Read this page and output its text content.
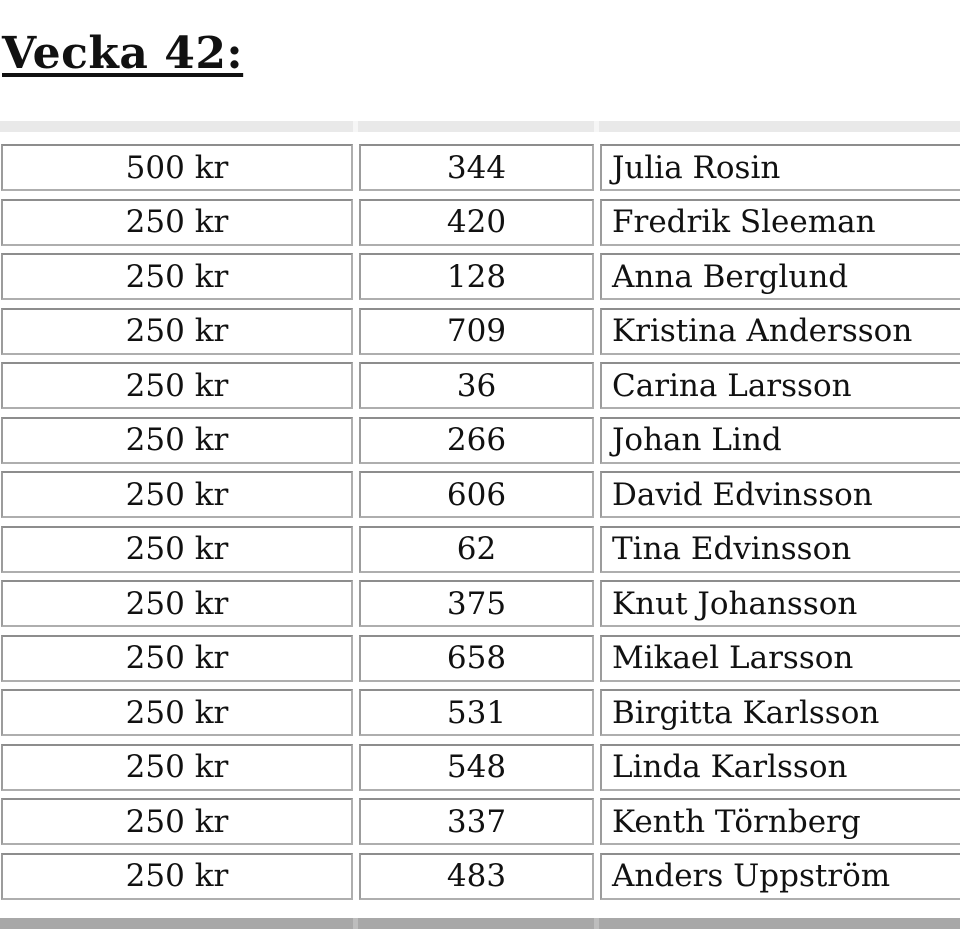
Vecka 42:
500 kr	344	Julia Rosin
250 kr	420	Fredrik Sleeman
250 kr	128	Anna Berglund
250 kr	709	Kristina Andersson
250 kr	36	Carina Larsson
250 kr	266	Johan Lind
250 kr	606	David Edvinsson
250 kr	62	Tina Edvinsson
250 kr	375	Knut Johansson
250 kr	658	Mikael Larsson
250 kr	531	Birgitta Karlsson
250 kr	548	Linda Karlsson
250 kr	337	Kenth Törnberg
250 kr	483	Anders Uppström
